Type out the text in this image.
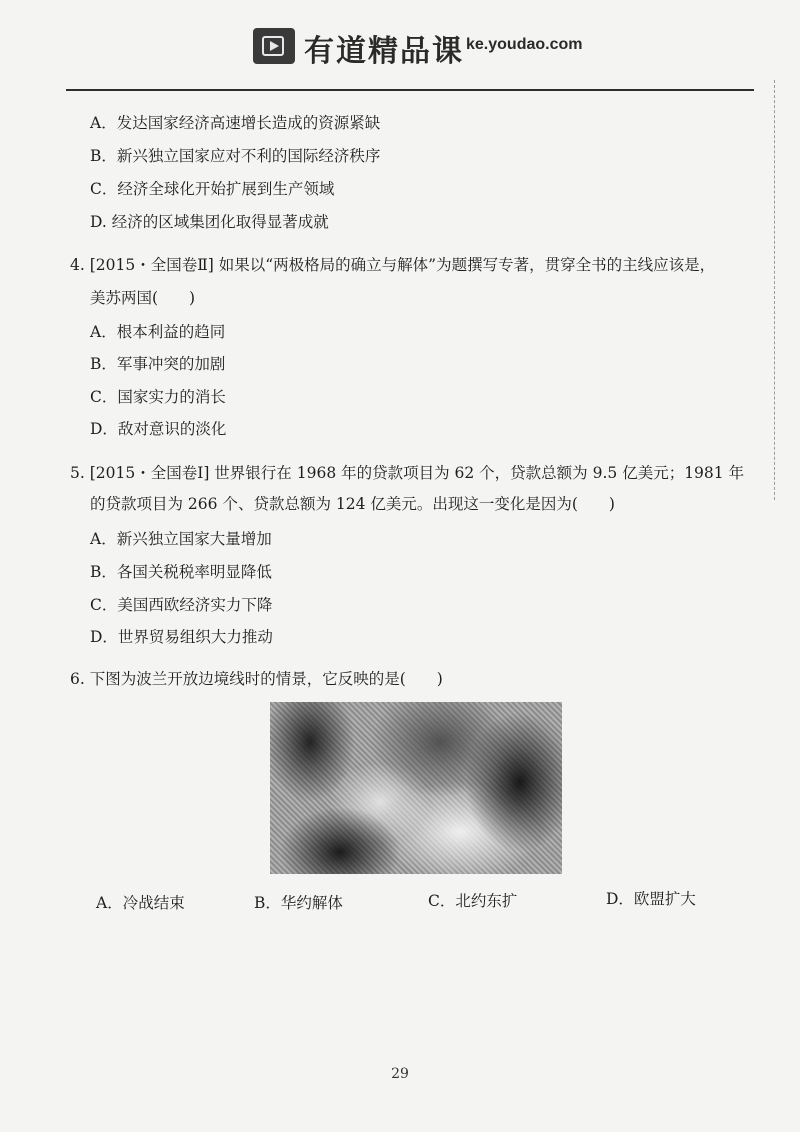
有道精品课 ke.youdao.com
A．发达国家经济高速增长造成的资源紧缺
B．新兴独立国家应对不利的国际经济秩序
C．经济全球化开始扩展到生产领域
D. 经济的区域集团化取得显著成就
4. [2015・全国卷Ⅱ] 如果以“两极格局的确立与解体”为题撰写专著，贯穿全书的主线应该是，
美苏两国(　　)
A．根本利益的趋同
B．军事冲突的加剧
C．国家实力的消长
D．敌对意识的淡化
5. [2015・全国卷Ⅰ] 世界银行在 1968 年的贷款项目为 62 个，贷款总额为 9.5 亿美元；1981 年
的贷款项目为 266 个、贷款总额为 124 亿美元。出现这一变化是因为(　　)
A．新兴独立国家大量增加
B．各国关税税率明显降低
C．美国西欧经济实力下降
D．世界贸易组织大力推动
6. 下图为波兰开放边境线时的情景，它反映的是(　　)
A．冷战结束	B．华约解体	C．北约东扩	D．欧盟扩大
29
